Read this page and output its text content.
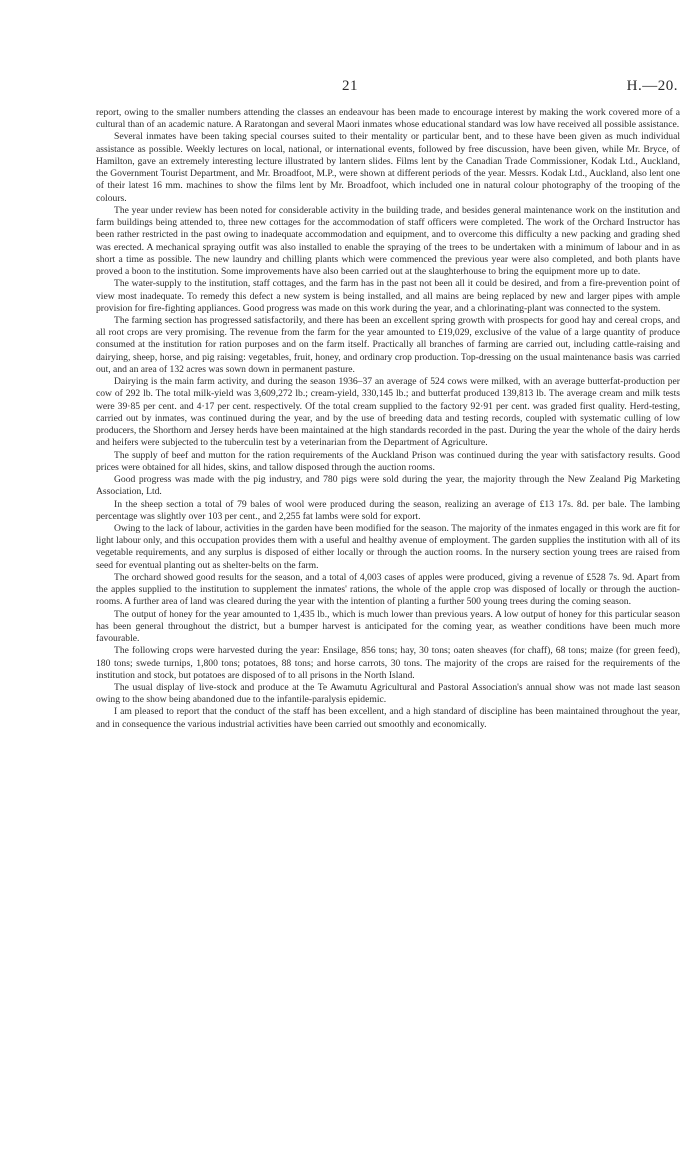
21	H.—20.

report, owing to the smaller numbers attending the classes an endeavour has been made to encourage interest by making the work covered more of a cultural than of an academic nature. A Raratongan and several Maori inmates whose educational standard was low have received all possible assistance.

Several inmates have been taking special courses suited to their mentality or particular bent, and to these have been given as much individual assistance as possible. Weekly lectures on local, national, or international events, followed by free discussion, have been given, while Mr. Bryce, of Hamilton, gave an extremely interesting lecture illustrated by lantern slides. Films lent by the Canadian Trade Commissioner, Kodak Ltd., Auckland, the Government Tourist Department, and Mr. Broadfoot, M.P., were shown at different periods of the year. Messrs. Kodak Ltd., Auckland, also lent one of their latest 16 mm. machines to show the films lent by Mr. Broadfoot, which included one in natural colour photography of the trooping of the colours.

The year under review has been noted for considerable activity in the building trade, and besides general maintenance work on the institution and farm buildings being attended to, three new cottages for the accommodation of staff officers were completed. The work of the Orchard Instructor has been rather restricted in the past owing to inadequate accommodation and equipment, and to overcome this difficulty a new packing and grading shed was erected. A mechanical spraying outfit was also installed to enable the spraying of the trees to be undertaken with a minimum of labour and in as short a time as possible. The new laundry and chilling plants which were commenced the previous year were also completed, and both plants have proved a boon to the institution. Some improvements have also been carried out at the slaughterhouse to bring the equipment more up to date.

The water-supply to the institution, staff cottages, and the farm has in the past not been all it could be desired, and from a fire-prevention point of view most inadequate. To remedy this defect a new system is being installed, and all mains are being replaced by new and larger pipes with ample provision for fire-fighting appliances. Good progress was made on this work during the year, and a chlorinating-plant was connected to the system.

The farming section has progressed satisfactorily, and there has been an excellent spring growth with prospects for good hay and cereal crops, and all root crops are very promising. The revenue from the farm for the year amounted to £19,029, exclusive of the value of a large quantity of produce consumed at the institution for ration purposes and on the farm itself. Practically all branches of farming are carried out, including cattle-raising and dairying, sheep, horse, and pig raising: vegetables, fruit, honey, and ordinary crop production. Top-dressing on the usual maintenance basis was carried out, and an area of 132 acres was sown down in permanent pasture.

Dairying is the main farm activity, and during the season 1936–37 an average of 524 cows were milked, with an average butterfat-production per cow of 292 lb. The total milk-yield was 3,609,272 lb.; cream-yield, 330,145 lb.; and butterfat produced 139,813 lb. The average cream and milk tests were 39·85 per cent. and 4·17 per cent. respectively. Of the total cream supplied to the factory 92·91 per cent. was graded first quality. Herd-testing, carried out by inmates, was continued during the year, and by the use of breeding data and testing records, coupled with systematic culling of low producers, the Shorthorn and Jersey herds have been maintained at the high standards recorded in the past. During the year the whole of the dairy herds and heifers were subjected to the tuberculin test by a veterinarian from the Department of Agriculture.

The supply of beef and mutton for the ration requirements of the Auckland Prison was continued during the year with satisfactory results. Good prices were obtained for all hides, skins, and tallow disposed through the auction rooms.

Good progress was made with the pig industry, and 780 pigs were sold during the year, the majority through the New Zealand Pig Marketing Association, Ltd.

In the sheep section a total of 79 bales of wool were produced during the season, realizing an average of £13 17s. 8d. per bale. The lambing percentage was slightly over 103 per cent., and 2,255 fat lambs were sold for export.

Owing to the lack of labour, activities in the garden have been modified for the season. The majority of the inmates engaged in this work are fit for light labour only, and this occupation provides them with a useful and healthy avenue of employment. The garden supplies the institution with all of its vegetable requirements, and any surplus is disposed of either locally or through the auction rooms. In the nursery section young trees are raised from seed for eventual planting out as shelter-belts on the farm.

The orchard showed good results for the season, and a total of 4,003 cases of apples were produced, giving a revenue of £528 7s. 9d. Apart from the apples supplied to the institution to supplement the inmates' rations, the whole of the apple crop was disposed of locally or through the auction-rooms. A further area of land was cleared during the year with the intention of planting a further 500 young trees during the coming season.

The output of honey for the year amounted to 1,435 lb., which is much lower than previous years. A low output of honey for this particular season has been general throughout the district, but a bumper harvest is anticipated for the coming year, as weather conditions have been much more favourable.

The following crops were harvested during the year: Ensilage, 856 tons; hay, 30 tons; oaten sheaves (for chaff), 68 tons; maize (for green feed), 180 tons; swede turnips, 1,800 tons; potatoes, 88 tons; and horse carrots, 30 tons. The majority of the crops are raised for the requirements of the institution and stock, but potatoes are disposed of to all prisons in the North Island.

The usual display of live-stock and produce at the Te Awamutu Agricultural and Pastoral Association's annual show was not made last season owing to the show being abandoned due to the infantile-paralysis epidemic.

I am pleased to report that the conduct of the staff has been excellent, and a high standard of discipline has been maintained throughout the year, and in consequence the various industrial activities have been carried out smoothly and economically.
